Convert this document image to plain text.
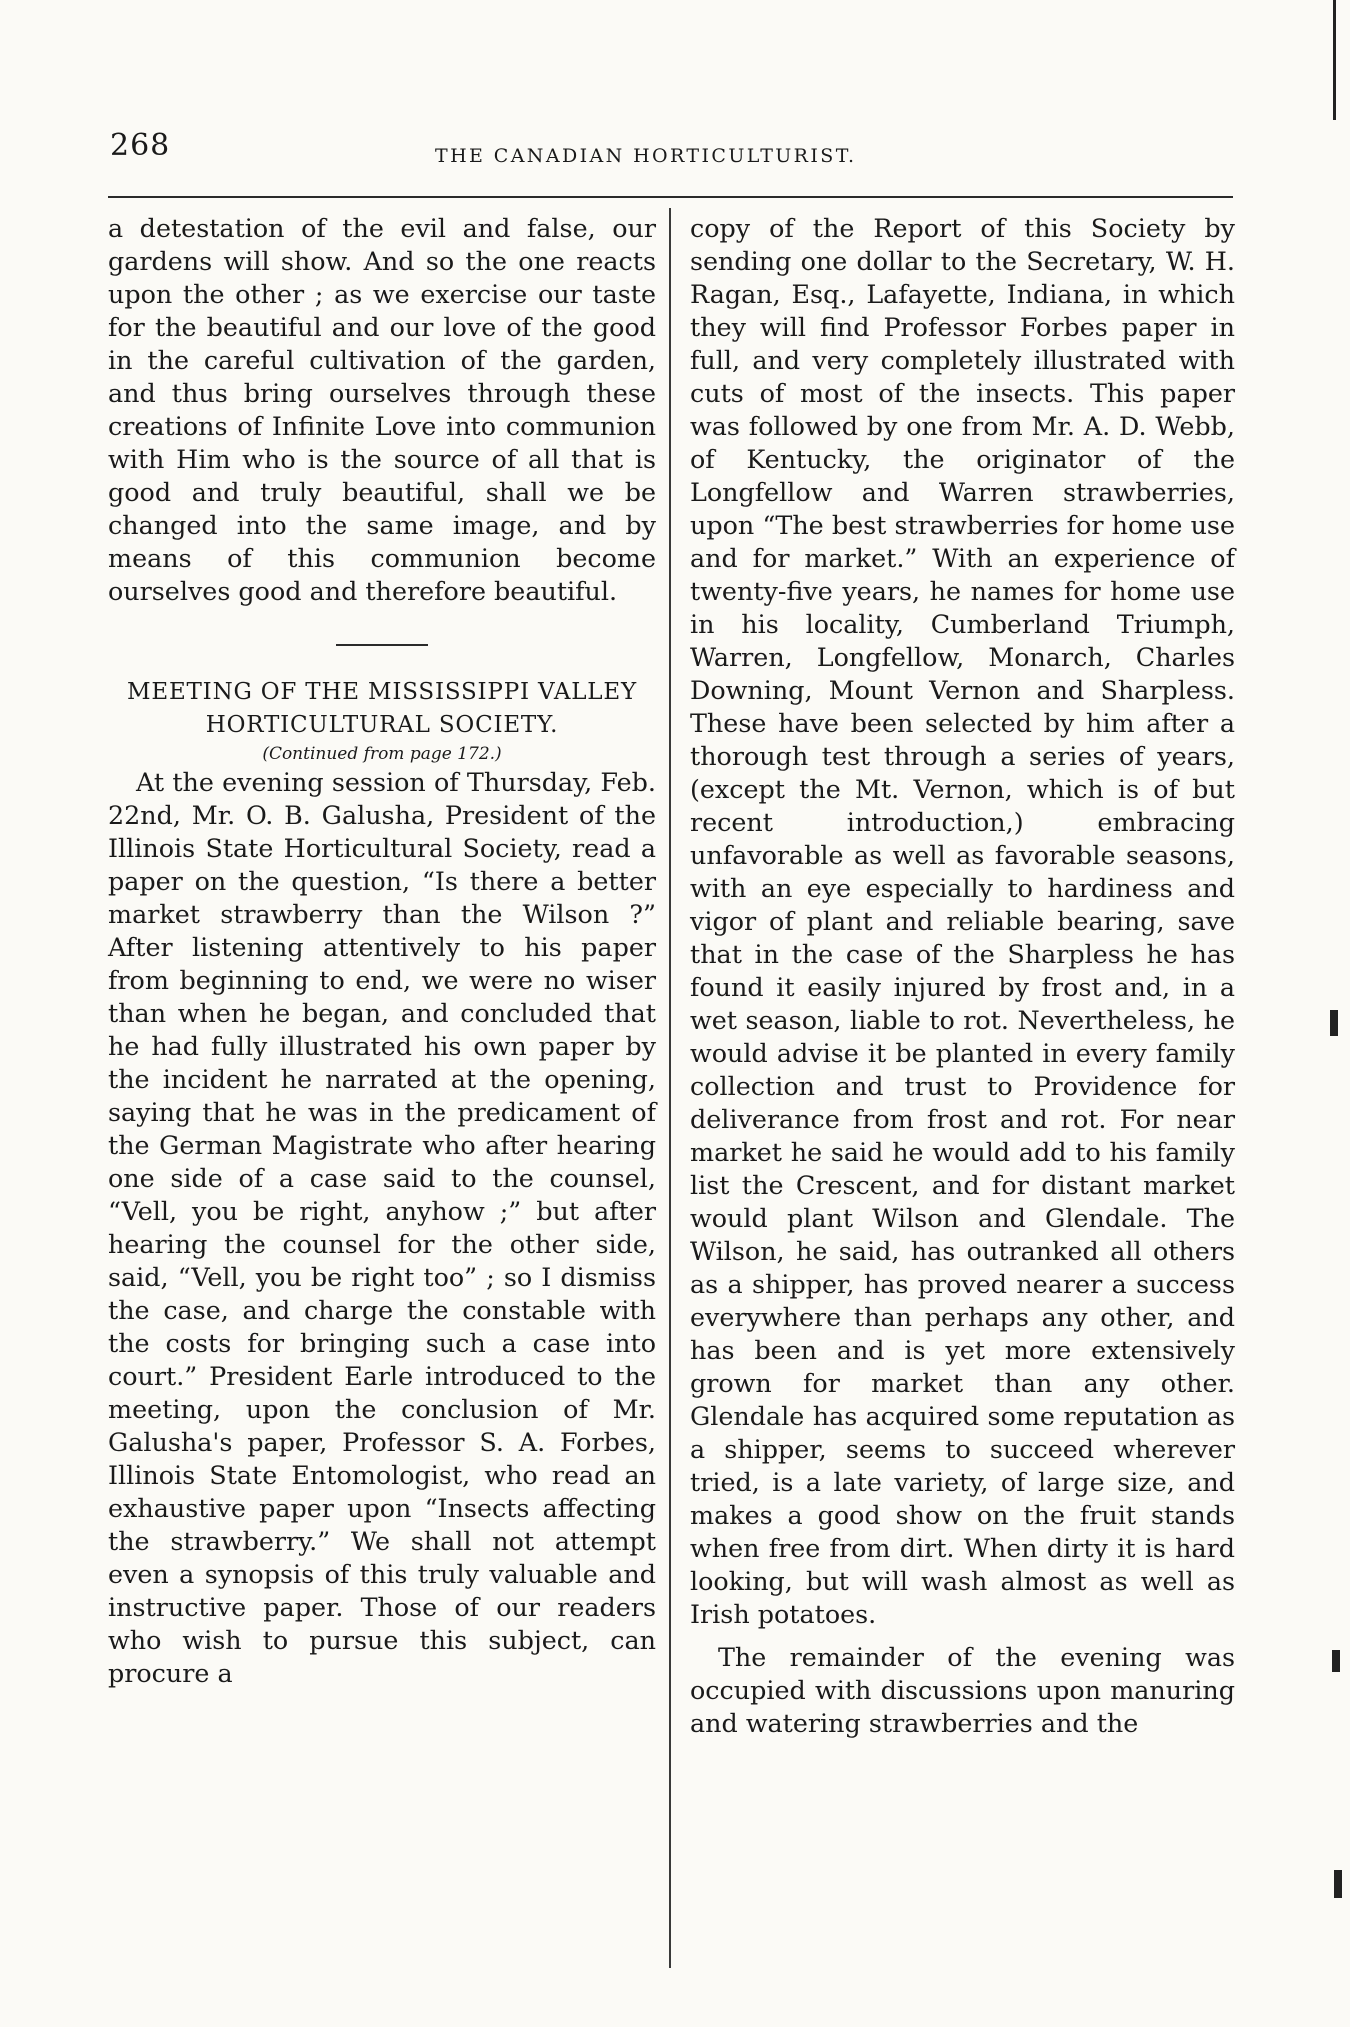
268	THE CANADIAN HORTICULTURIST.

a detestation of the evil and false, our gardens will show. And so the one reacts upon the other ; as we exercise our taste for the beautiful and our love of the good in the careful cultivation of the garden, and thus bring ourselves through these creations of Infinite Love into communion with Him who is the source of all that is good and truly beautiful, shall we be changed into the same image, and by means of this communion become ourselves good and therefore beautiful.

MEETING OF THE MISSISSIPPI VALLEY HORTICULTURAL SOCIETY.

(Continued from page 172.)

At the evening session of Thursday, Feb. 22nd, Mr. O. B. Galusha, President of the Illinois State Horticultural Society, read a paper on the question, “Is there a better market strawberry than the Wilson ?” After listening attentively to his paper from beginning to end, we were no wiser than when he began, and concluded that he had fully illustrated his own paper by the incident he narrated at the opening, saying that he was in the predicament of the German Magistrate who after hearing one side of a case said to the counsel, “Vell, you be right, anyhow ;” but after hearing the counsel for the other side, said, “Vell, you be right too” ; so I dismiss the case, and charge the constable with the costs for bringing such a case into court.” President Earle introduced to the meeting, upon the conclusion of Mr. Galusha's paper, Professor S. A. Forbes, Illinois State Entomologist, who read an exhaustive paper upon “Insects affecting the strawberry.” We shall not attempt even a synopsis of this truly valuable and instructive paper. Those of our readers who wish to pursue this subject, can procure a

copy of the Report of this Society by sending one dollar to the Secretary, W. H. Ragan, Esq., Lafayette, Indiana, in which they will find Professor Forbes paper in full, and very completely illustrated with cuts of most of the insects. This paper was followed by one from Mr. A. D. Webb, of Kentucky, the originator of the Longfellow and Warren strawberries, upon “The best strawberries for home use and for market.” With an experience of twenty-five years, he names for home use in his locality, Cumberland Triumph, Warren, Longfellow, Monarch, Charles Downing, Mount Vernon and Sharpless. These have been selected by him after a thorough test through a series of years, (except the Mt. Vernon, which is of but recent introduction,) embracing unfavorable as well as favorable seasons, with an eye especially to hardiness and vigor of plant and reliable bearing, save that in the case of the Sharpless he has found it easily injured by frost and, in a wet season, liable to rot. Nevertheless, he would advise it be planted in every family collection and trust to Providence for deliverance from frost and rot. For near market he said he would add to his family list the Crescent, and for distant market would plant Wilson and Glendale. The Wilson, he said, has outranked all others as a shipper, has proved nearer a success everywhere than perhaps any other, and has been and is yet more extensively grown for market than any other. Glendale has acquired some reputation as a shipper, seems to succeed wherever tried, is a late variety, of large size, and makes a good show on the fruit stands when free from dirt. When dirty it is hard looking, but will wash almost as well as Irish potatoes.

The remainder of the evening was occupied with discussions upon manuring and watering strawberries and the
